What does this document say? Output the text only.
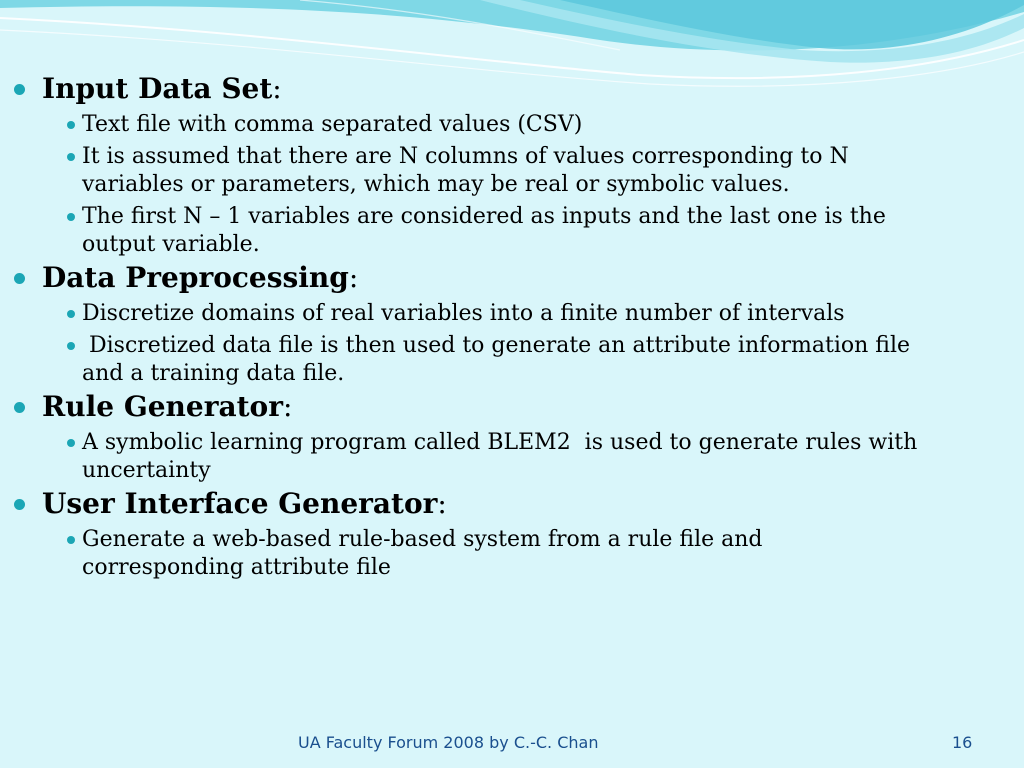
Input Data Set:
Text file with comma separated values (CSV)
It is assumed that there are N columns of values corresponding to N variables or parameters, which may be real or symbolic values.
The first N – 1 variables are considered as inputs and the last one is the output variable.
Data Preprocessing:
Discretize domains of real variables into a finite number of intervals
Discretized data file is then used to generate an attribute information file and a training data file.
Rule Generator:
A symbolic learning program called BLEM2  is used to generate rules with uncertainty
User Interface Generator:
Generate a web-based rule-based system from a rule file and corresponding attribute file
UA Faculty Forum 2008 by C.-C. Chan	16
